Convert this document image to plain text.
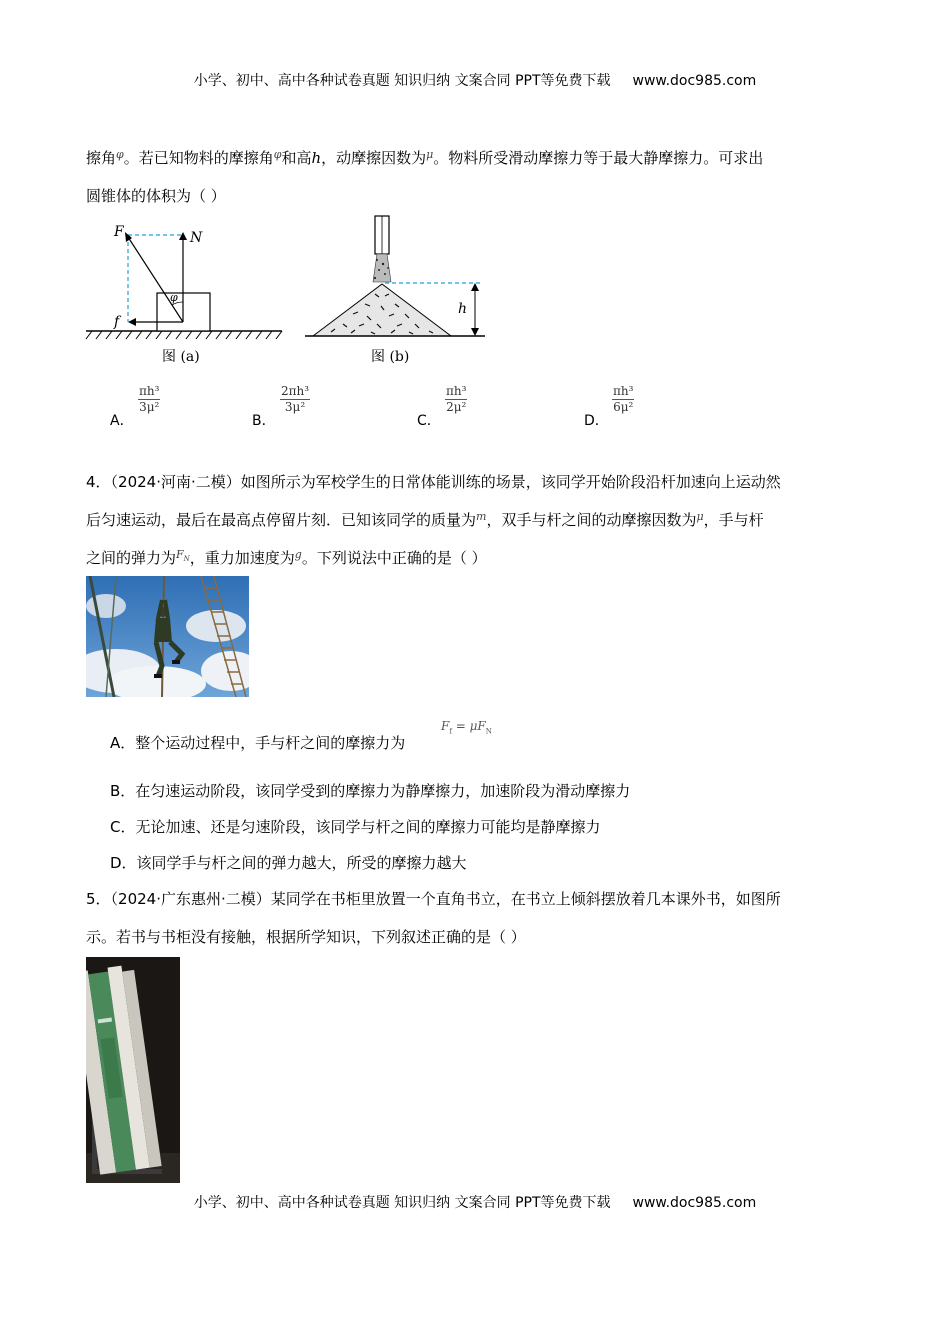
小学、初中、高中各种试卷真题 知识归纳 文案合同 PPT等免费下载 www.doc985.com
擦角$^\varphi$。若已知物料的摩擦角$^\varphi$和高h，动摩擦因数为$^\mu$。物料所受滑动摩擦力等于最大静摩擦力。可求出
圆锥体的体积为（ ）
F	N
f
φ
图 (a)
h
图 (b)
A．
$\frac{\text{πh³}}{\text{3μ²}}$
B．
$\frac{\text{2πh³}}{\text{3μ²}}$
C．
$\frac{\text{πh³}}{\text{2μ²}}$
D．
$\frac{\text{πh³}}{\text{6μ²}}$
4．（2024·河南·二模）如图所示为军校学生的日常体能训练的场景，该同学开始阶段沿杆加速向上运动然
后匀速运动，最后在最高点停留片刻．已知该同学的质量为$^m$，双手与杆之间的动摩擦因数为$^\mu$，手与杆
之间的弹力为$^{F_N}$，重力加速度为$^g$。下列说法中正确的是（ ）
A．整个运动过程中，手与杆之间的摩擦力为
$F_f = \mu F_N$
B．在匀速运动阶段，该同学受到的摩擦力为静摩擦力，加速阶段为滑动摩擦力
C．无论加速、还是匀速阶段，该同学与杆之间的摩擦力可能均是静摩擦力
D．该同学手与杆之间的弹力越大，所受的摩擦力越大
5．（2024·广东惠州·二模）某同学在书柜里放置一个直角书立，在书立上倾斜摆放着几本课外书，如图所
示。若书与书柜没有接触，根据所学知识，下列叙述正确的是（ ）
小学、初中、高中各种试卷真题 知识归纳 文案合同 PPT等免费下载 www.doc985.com
